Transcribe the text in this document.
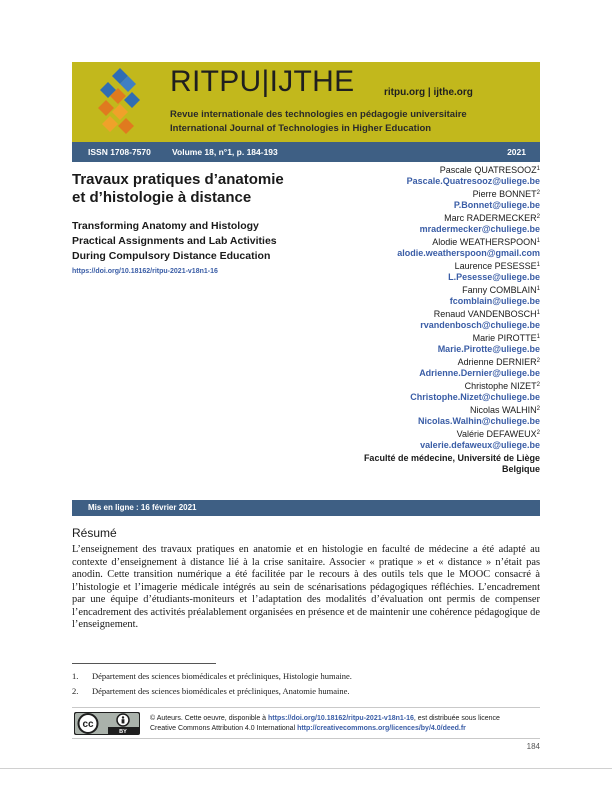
RITPU|IJTHE	ritpu.org | ijthe.org
Revue internationale des technologies en pédagogie universitaire
International Journal of Technologies in Higher Education
ISSN 1708-7570 Volume 18, n°1, p. 184-193	2021
Travaux pratiques d’anatomie
et d’histologie à distance
Transforming Anatomy and Histology
Practical Assignments and Lab Activities
During Compulsory Distance Education
https://doi.org/10.18162/ritpu-2021-v18n1-16
Pascale QUATRESOOZ$^1$
Pascale.Quatresooz@uliege.be
Pierre BONNET$^2$
P.Bonnet@uliege.be
Marc RADERMECKER$^2$
mradermecker@chuliege.be
Alodie WEATHERSPOON$^1$
alodie.weatherspoon@gmail.com
Laurence PESESSE$^1$
L.Pesesse@uliege.be
Fanny COMBLAIN$^1$
fcomblain@uliege.be
Renaud VANDENBOSCH$^1$
rvandenbosch@chuliege.be
Marie PIROTTE$^1$
Marie.Pirotte@uliege.be
Adrienne DERNIER$^2$
Adrienne.Dernier@uliege.be
Christophe NIZET$^2$
Christophe.Nizet@chuliege.be
Nicolas WALHIN$^2$
Nicolas.Walhin@chuliege.be
Valérie DEFAWEUX$^2$
valerie.defaweux@uliege.be
Faculté de médecine, Université de Liège
Belgique
Mis en ligne : 16 février 2021
Résumé
L’enseignement des travaux pratiques en anatomie et en histologie en faculté de médecine a été adapté au contexte d’enseignement à distance lié à la crise sanitaire. Associer « pratique » et « distance » n’était pas anodin. Cette transition numérique a été facilitée par le recours à des outils tels que le MOOC consacré à l’histologie et l’imagerie médicale intégrés au sein de scénarisations pédagogiques réfléchies. L’encadrement par une équipe d’étudiants-moniteurs et l’adaptation des modalités d’évaluation ont permis de compenser l’encadrement des activités préalablement organisées en présence et de maintenir une cohérence pédagogique de l’enseignement.
1. Département des sciences biomédicales et précliniques, Histologie humaine.
2. Département des sciences biomédicales et précliniques, Anatomie humaine.
cc
BY
© Auteurs. Cette oeuvre, disponible à https://doi.org/10.18162/ritpu-2021-v18n1-16, est distribuée sous licence
Creative Commons Attribution 4.0 International http://creativecommons.org/licences/by/4.0/deed.fr
184
